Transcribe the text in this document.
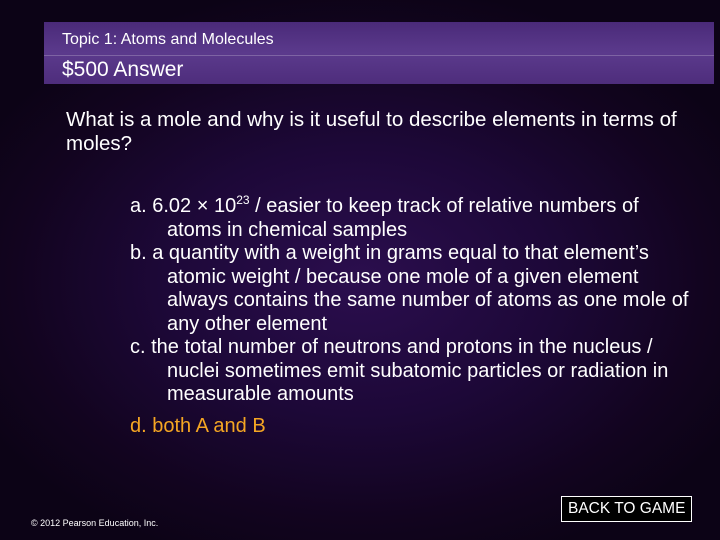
Topic 1: Atoms and Molecules
$500 Answer
What is a mole and why is it useful to describe elements in terms of moles?

a. $6.02 \times 10^{23}$ / easier to keep track of relative numbers of atoms in chemical samples

b. a quantity with a weight in grams equal to that element’s atomic weight / because one mole of a given element always contains the same number of atoms as one mole of any other element

c. the total number of neutrons and protons in the nucleus / nuclei sometimes emit subatomic particles or radiation in measurable amounts

d. both A and B

BACK TO GAME
© 2012 Pearson Education, Inc.
